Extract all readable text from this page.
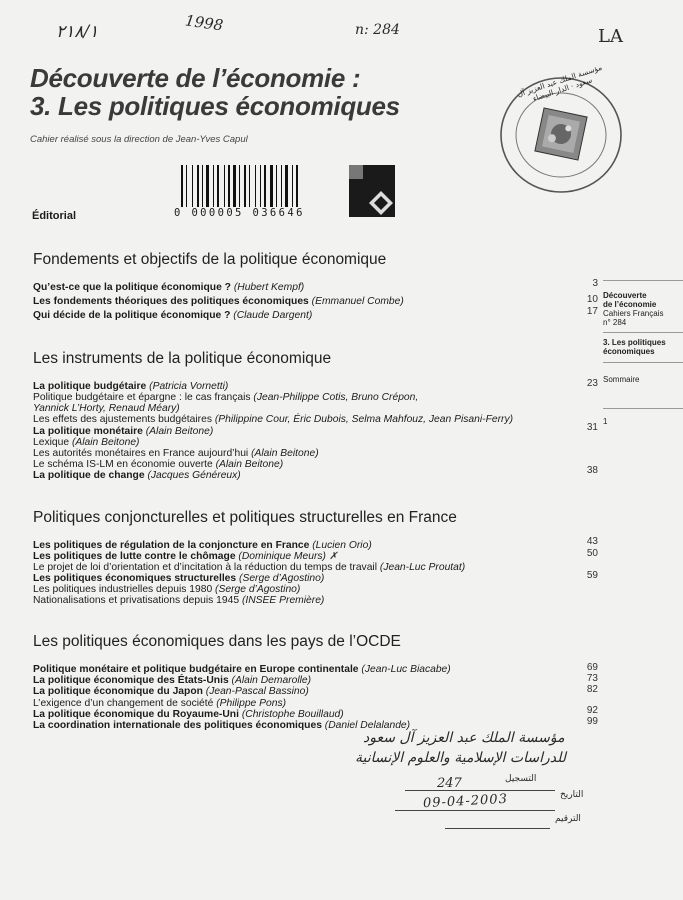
٢١٨/١	1998	n: 284	LA
Découverte de l’économie :
3. Les politiques économiques
Cahier réalisé sous la direction de Jean-Yves Capul
مؤسسة الملك عبد العزيز آل سعود · الدار البيضاء
0 000005 036646
Éditorial
Fondements et objectifs de la politique économique
Les instruments de la politique économique
Politiques conjoncturelles et politiques structurelles en France
Les politiques économiques dans les pays de l’OCDE
Qu’est-ce que la politique économique ? (Hubert Kempf)	3
Les fondements théoriques des politiques économiques (Emmanuel Combe)	10
Qui décide de la politique économique ? (Claude Dargent)	17
La politique budgétaire (Patricia Vornetti)	23
Politique budgétaire et épargne : le cas français (Jean-Philippe Cotis, Bruno Crépon,
Yannick L’Horty, Renaud Méary)
Les effets des ajustements budgétaires (Philippine Cour, Éric Dubois, Selma Mahfouz, Jean Pisani-Ferry)
La politique monétaire (Alain Beitone)	31
Lexique (Alain Beitone)
Les autorités monétaires en France aujourd’hui (Alain Beitone)
Le schéma IS-LM en économie ouverte (Alain Beitone)
La politique de change (Jacques Généreux)	38
Les politiques de régulation de la conjoncture en France (Lucien Orio)	43
Les politiques de lutte contre le chômage (Dominique Meurs) ✗	50
Le projet de loi d’orientation et d’incitation à la réduction du temps de travail (Jean-Luc Proutat)
Les politiques économiques structurelles (Serge d’Agostino)	59
Les politiques industrielles depuis 1980 (Serge d’Agostino)
Nationalisations et privatisations depuis 1945 (INSEE Première)
Politique monétaire et politique budgétaire en Europe continentale (Jean-Luc Biacabe)	69
La politique économique des États-Unis (Alain Demarolle)	73
La politique économique du Japon (Jean-Pascal Bassino)	82
L’exigence d’un changement de société (Philippe Pons)
La politique économique du Royaume-Uni (Christophe Bouillaud)	92
La coordination internationale des politiques économiques (Daniel Delalande)	99
Découverte
de l’économie
Cahiers Français
n° 284
3. Les politiques
économiques
Sommaire
1
مؤسسة الملك عبد العزيز آل سعود
للدراسات الإسلامية والعلوم الإنسانية
التسجيل
247
التاريخ
09-04-2003
الترقيم
